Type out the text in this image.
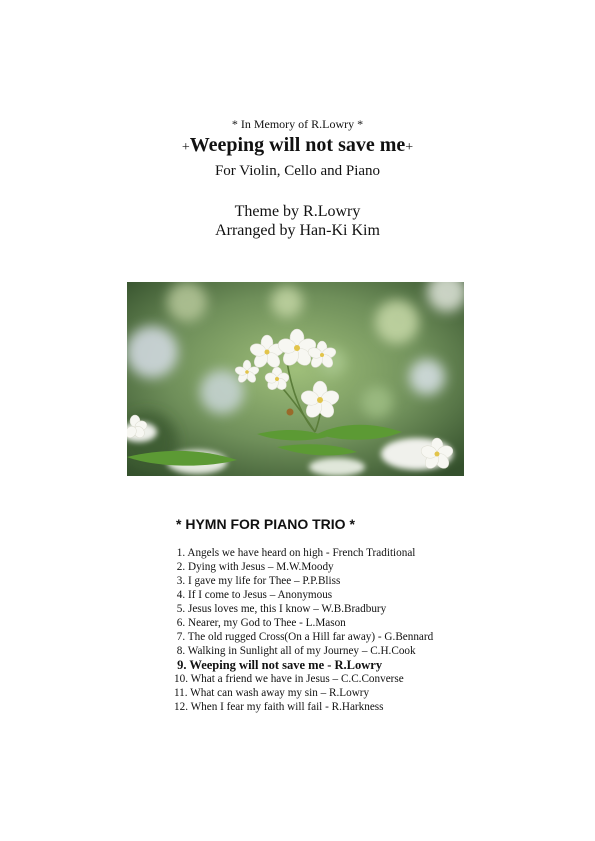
* In Memory of R.Lowry *
+Weeping will not save me+
For Violin, Cello and Piano
Theme by R.Lowry
Arranged by Han-Ki Kim
* HYMN FOR PIANO TRIO *
1. Angels we have heard on high - French Traditional
2. Dying with Jesus – M.W.Moody
3. I gave my life for Thee – P.P.Bliss
4. If I come to Jesus – Anonymous
5. Jesus loves me, this I know – W.B.Bradbury
6. Nearer, my God to Thee - L.Mason
7. The old rugged Cross(On a Hill far away) - G.Bennard
8. Walking in Sunlight all of my Journey – C.H.Cook
9. Weeping will not save me - R.Lowry
10. What a friend we have in Jesus – C.C.Converse
11. What can wash away my sin – R.Lowry
12. When I fear my faith will fail - R.Harkness
